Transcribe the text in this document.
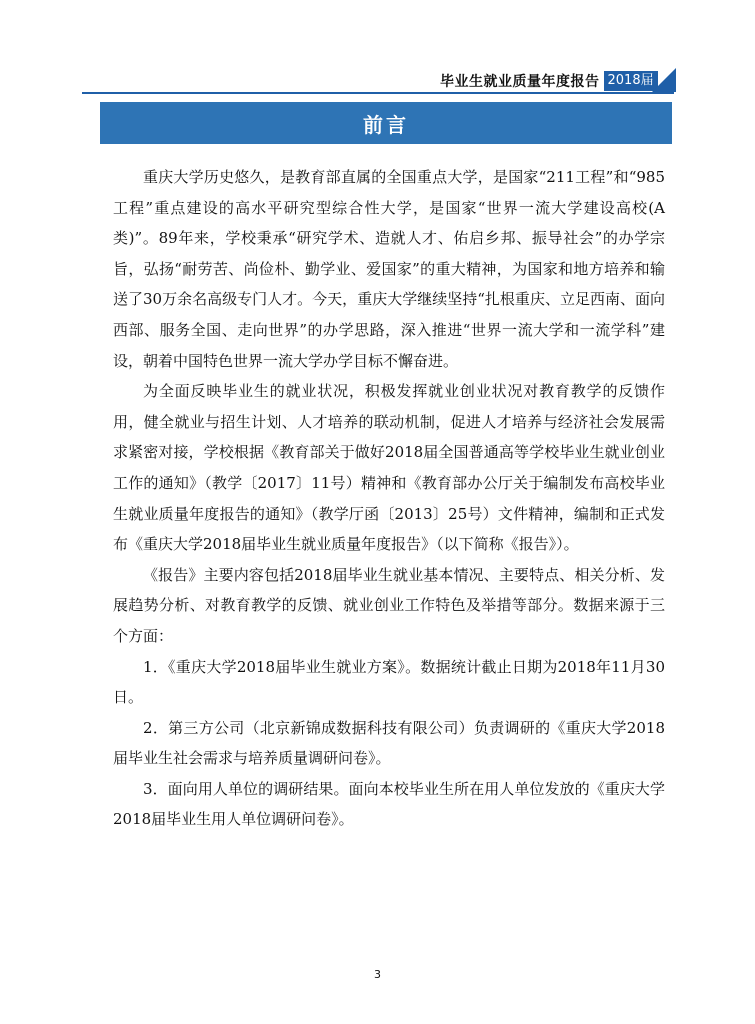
毕业生就业质量年度报告 2018届
前言

重庆大学历史悠久，是教育部直属的全国重点大学，是国家“211工程”和“985工程”重点建设的高水平研究型综合性大学，是国家“世界一流大学建设高校(A类)”。89年来，学校秉承“研究学术、造就人才、佑启乡邦、振导社会”的办学宗旨，弘扬“耐劳苦、尚俭朴、勤学业、爱国家”的重大精神，为国家和地方培养和输送了30万余名高级专门人才。今天，重庆大学继续坚持“扎根重庆、立足西南、面向西部、服务全国、走向世界”的办学思路，深入推进“世界一流大学和一流学科”建设，朝着中国特色世界一流大学办学目标不懈奋进。

为全面反映毕业生的就业状况，积极发挥就业创业状况对教育教学的反馈作用，健全就业与招生计划、人才培养的联动机制，促进人才培养与经济社会发展需求紧密对接，学校根据《教育部关于做好2018届全国普通高等学校毕业生就业创业工作的通知》（教学〔2017〕11号）精神和《教育部办公厅关于编制发布高校毕业生就业质量年度报告的通知》（教学厅函〔2013〕25号）文件精神，编制和正式发布《重庆大学2018届毕业生就业质量年度报告》（以下简称《报告》）。

《报告》主要内容包括2018届毕业生就业基本情况、主要特点、相关分析、发展趋势分析、对教育教学的反馈、就业创业工作特色及举措等部分。数据来源于三个方面：

1．《重庆大学2018届毕业生就业方案》。数据统计截止日期为2018年11月30日。

2．第三方公司（北京新锦成数据科技有限公司）负责调研的《重庆大学2018届毕业生社会需求与培养质量调研问卷》。

3．面向用人单位的调研结果。面向本校毕业生所在用人单位发放的《重庆大学2018届毕业生用人单位调研问卷》。

3
